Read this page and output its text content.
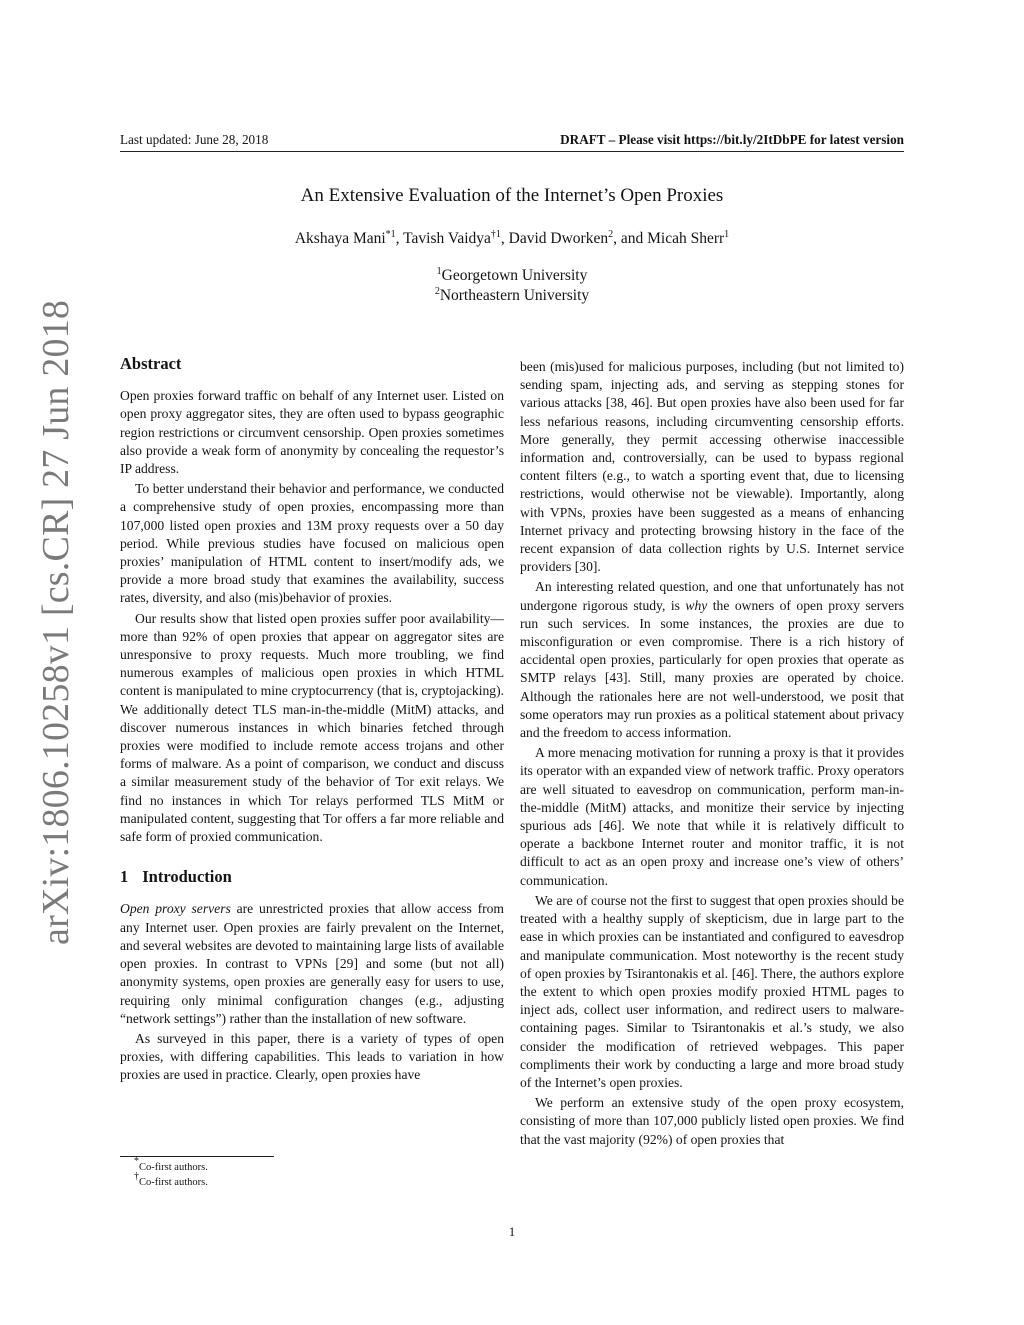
Last updated: June 28, 2018	DRAFT – Please visit https://bit.ly/2ItDbPE for latest version
arXiv:1806.10258v1 [cs.CR] 27 Jun 2018
An Extensive Evaluation of the Internet’s Open Proxies
Akshaya Mani$^{*1}$, Tavish Vaidya$^{\dagger 1}$, David Dworken$^2$, and Micah Sherr$^1$
$^1$Georgetown University
$^2$Northeastern University
Abstract

Open proxies forward traffic on behalf of any Internet user. Listed on open proxy aggregator sites, they are often used to bypass geographic region restrictions or circumvent censorship. Open proxies sometimes also provide a weak form of anonymity by concealing the requestor’s IP address.

To better understand their behavior and performance, we conducted a comprehensive study of open proxies, encompassing more than 107,000 listed open proxies and 13M proxy requests over a 50 day period. While previous studies have focused on malicious open proxies’ manipulation of HTML content to insert/modify ads, we provide a more broad study that examines the availability, success rates, diversity, and also (mis)behavior of proxies.

Our results show that listed open proxies suffer poor availability—more than 92% of open proxies that appear on aggregator sites are unresponsive to proxy requests. Much more troubling, we find numerous examples of malicious open proxies in which HTML content is manipulated to mine cryptocurrency (that is, cryptojacking). We additionally detect TLS man-in-the-middle (MitM) attacks, and discover numerous instances in which binaries fetched through proxies were modified to include remote access trojans and other forms of malware. As a point of comparison, we conduct and discuss a similar measurement study of the behavior of Tor exit relays. We find no instances in which Tor relays performed TLS MitM or manipulated content, suggesting that Tor offers a far more reliable and safe form of proxied communication.

1 Introduction

Open proxy servers are unrestricted proxies that allow access from any Internet user. Open proxies are fairly prevalent on the Internet, and several websites are devoted to maintaining large lists of available open proxies. In contrast to VPNs [29] and some (but not all) anonymity systems, open proxies are generally easy for users to use, requiring only minimal configuration changes (e.g., adjusting “network settings”) rather than the installation of new software.

As surveyed in this paper, there is a variety of types of open proxies, with differing capabilities. This leads to variation in how proxies are used in practice. Clearly, open proxies have

been (mis)used for malicious purposes, including (but not limited to) sending spam, injecting ads, and serving as stepping stones for various attacks [38, 46]. But open proxies have also been used for far less nefarious reasons, including circumventing censorship efforts. More generally, they permit accessing otherwise inaccessible information and, controversially, can be used to bypass regional content filters (e.g., to watch a sporting event that, due to licensing restrictions, would otherwise not be viewable). Importantly, along with VPNs, proxies have been suggested as a means of enhancing Internet privacy and protecting browsing history in the face of the recent expansion of data collection rights by U.S. Internet service providers [30].

An interesting related question, and one that unfortunately has not undergone rigorous study, is why the owners of open proxy servers run such services. In some instances, the proxies are due to misconfiguration or even compromise. There is a rich history of accidental open proxies, particularly for open proxies that operate as SMTP relays [43]. Still, many proxies are operated by choice. Although the rationales here are not well-understood, we posit that some operators may run proxies as a political statement about privacy and the freedom to access information.

A more menacing motivation for running a proxy is that it provides its operator with an expanded view of network traffic. Proxy operators are well situated to eavesdrop on communication, perform man-in-the-middle (MitM) attacks, and monitize their service by injecting spurious ads [46]. We note that while it is relatively difficult to operate a backbone Internet router and monitor traffic, it is not difficult to act as an open proxy and increase one’s view of others’ communication.

We are of course not the first to suggest that open proxies should be treated with a healthy supply of skepticism, due in large part to the ease in which proxies can be instantiated and configured to eavesdrop and manipulate communication. Most noteworthy is the recent study of open proxies by Tsirantonakis et al. [46]. There, the authors explore the extent to which open proxies modify proxied HTML pages to inject ads, collect user information, and redirect users to malware-containing pages. Similar to Tsirantonakis et al.’s study, we also consider the modification of retrieved webpages. This paper compliments their work by conducting a large and more broad study of the Internet’s open proxies.

We perform an extensive study of the open proxy ecosystem, consisting of more than 107,000 publicly listed open proxies. We find that the vast majority (92%) of open proxies that

*Co-first authors.
†Co-first authors.
1
